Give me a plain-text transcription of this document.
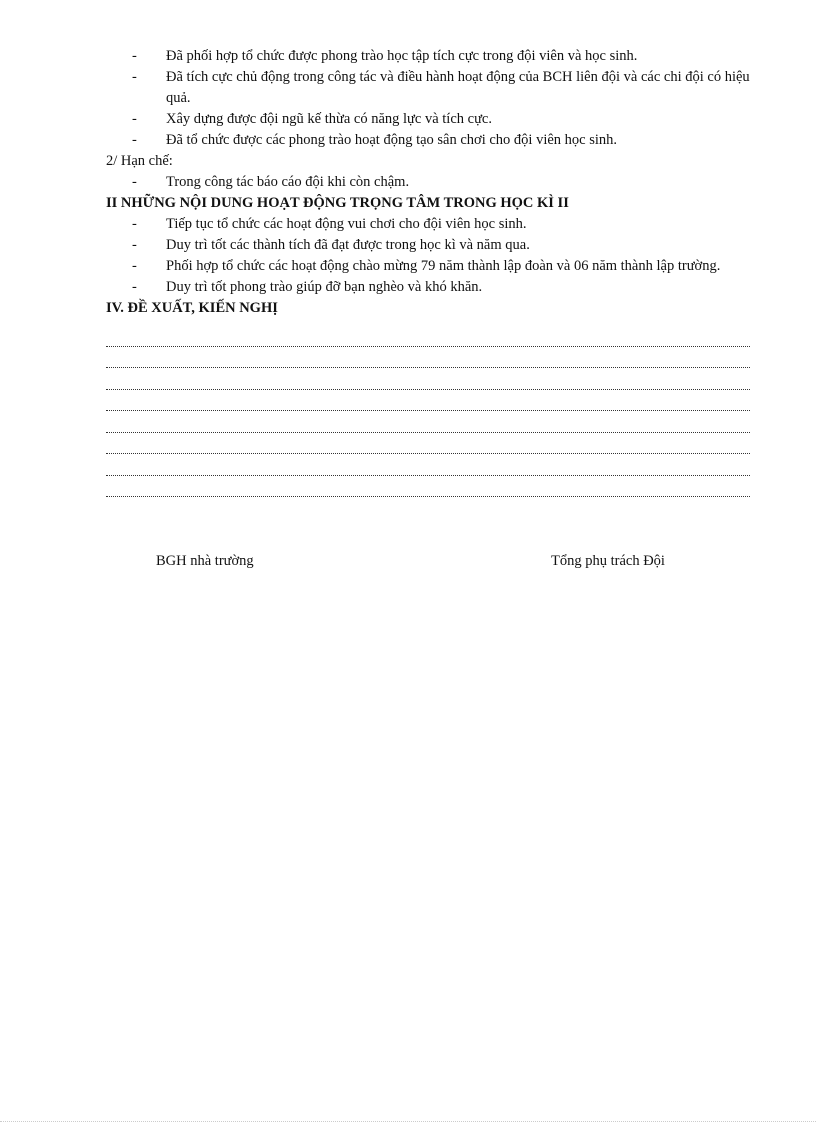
- Đã phối hợp tổ chức được phong trào học tập tích cực trong đội viên và học sinh.
- Đã tích cực chủ động trong công tác và điều hành hoạt động của BCH liên đội và các chi đội có hiệu quả.
- Xây dựng được đội ngũ kế thừa có năng lực và tích cực.
- Đã tổ chức được các phong trào hoạt động tạo sân chơi cho đội viên học sinh.
2/ Hạn chế:
- Trong công tác báo cáo đội khi còn chậm.
II NHỮNG NỘI DUNG HOẠT ĐỘNG TRỌNG TÂM TRONG HỌC KÌ II
- Tiếp tục tổ chức các hoạt động vui chơi cho đội viên học sinh.
- Duy trì tốt các thành tích đã đạt được trong học kì và năm qua.
- Phối hợp tổ chức các hoạt động chào mừng 79 năm thành lập đoàn và 06 năm thành lập trường.
- Duy trì tốt phong trào giúp đỡ bạn nghèo và khó khăn.
IV. ĐỀ XUẤT, KIẾN NGHỊ
BGH nhà trường	Tổng phụ trách Đội
